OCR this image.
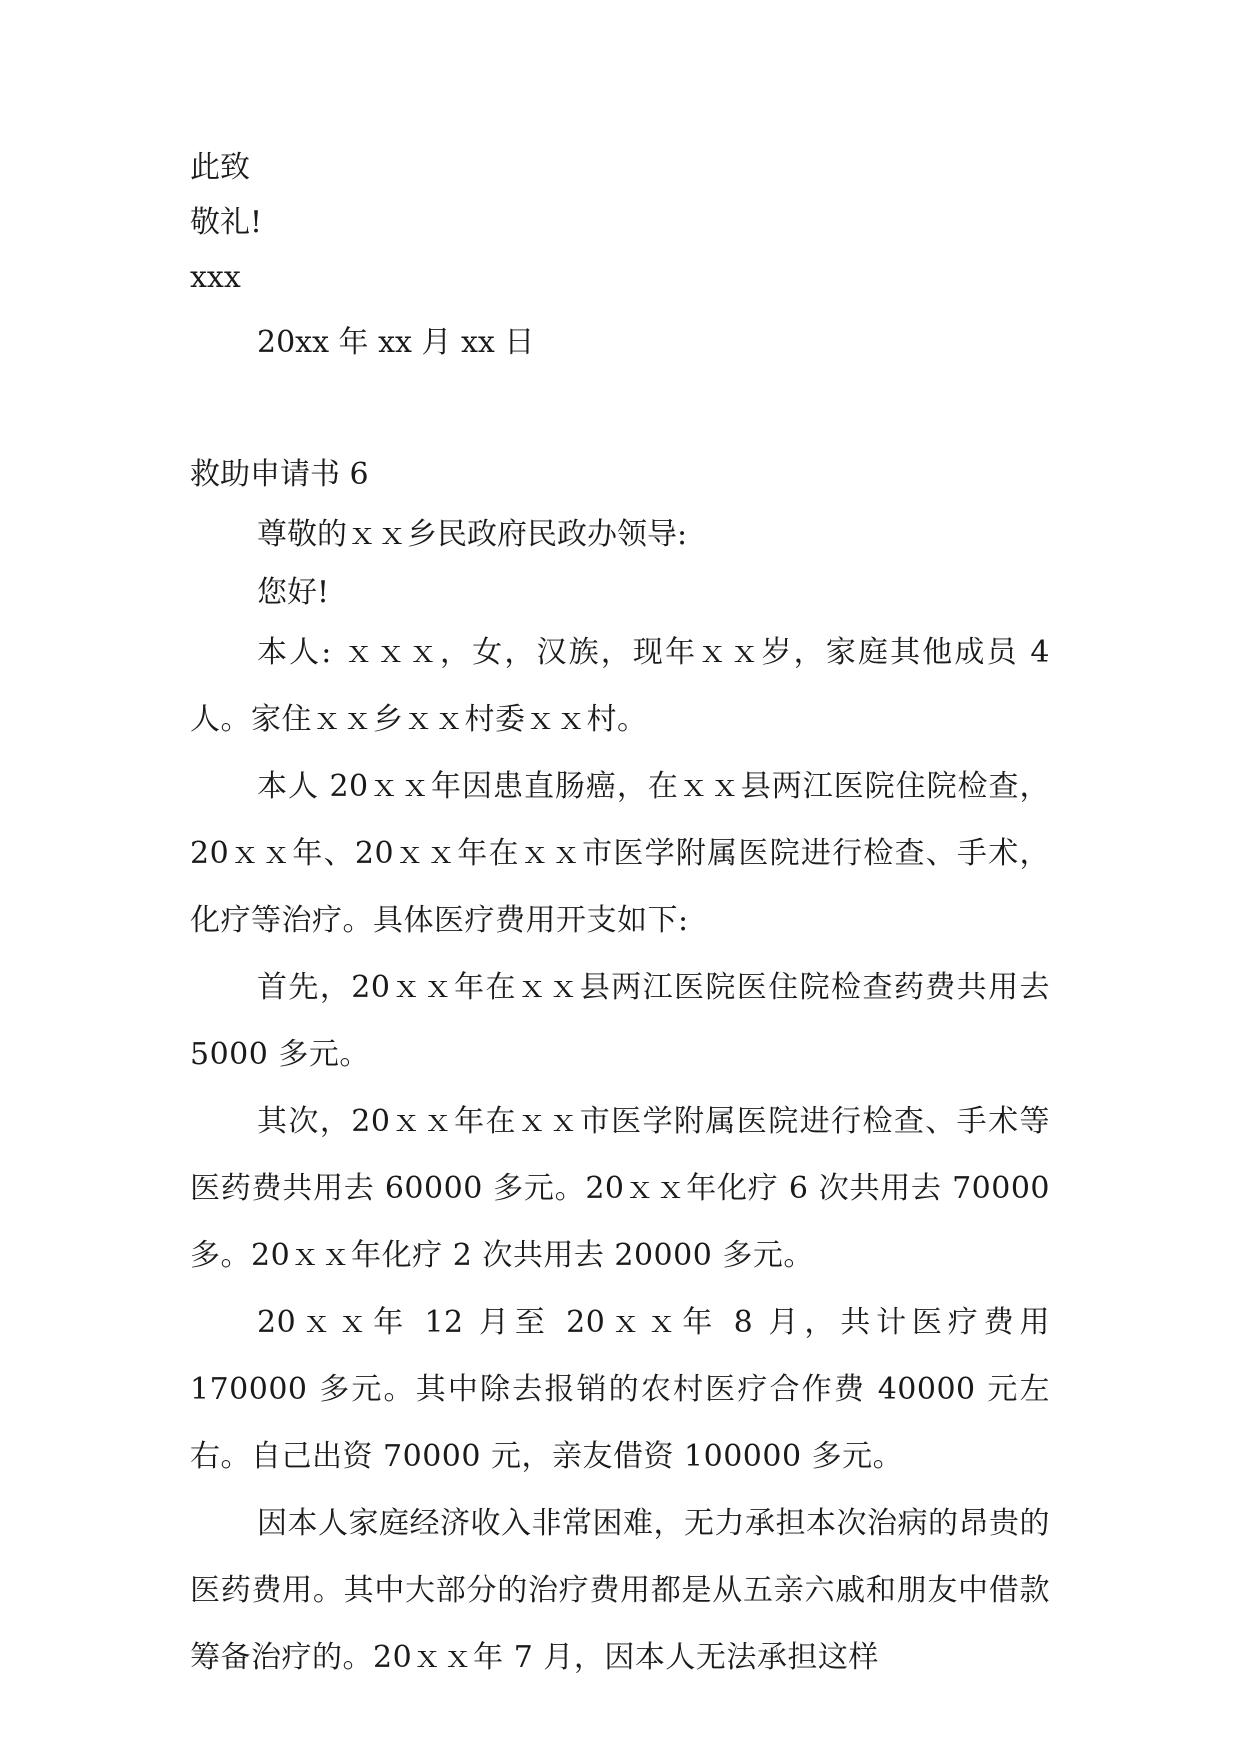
此致
敬礼!
xxx
20xx 年 xx 月 xx 日
救助申请书 6
尊敬的ｘｘ乡民政府民政办领导:
您好!

本人: ｘｘｘ，女，汉族，现年ｘｘ岁，家庭其他成员 4 人。家住ｘｘ乡ｘｘ村委ｘｘ村。

本人 20ｘｘ年因患直肠癌，在ｘｘ县两江医院住院检查，20ｘｘ年、20ｘｘ年在ｘｘ市医学附属医院进行检查、手术，化疗等治疗。具体医疗费用开支如下:

首先，20ｘｘ年在ｘｘ县两江医院医住院检查药费共用去 5000 多元。

其次，20ｘｘ年在ｘｘ市医学附属医院进行检查、手术等医药费共用去 60000 多元。20ｘｘ年化疗 6 次共用去 70000 多。20ｘｘ年化疗 2 次共用去 20000 多元。

20ｘｘ年 12 月至 20ｘｘ年 8 月，共计医疗费用 170000 多元。其中除去报销的农村医疗合作费 40000 元左右。自己出资 70000 元，亲友借资 100000 多元。

因本人家庭经济收入非常困难，无力承担本次治病的昂贵的医药费用。其中大部分的治疗费用都是从五亲六戚和朋友中借款筹备治疗的。20ｘｘ年 7 月，因本人无法承担这样
